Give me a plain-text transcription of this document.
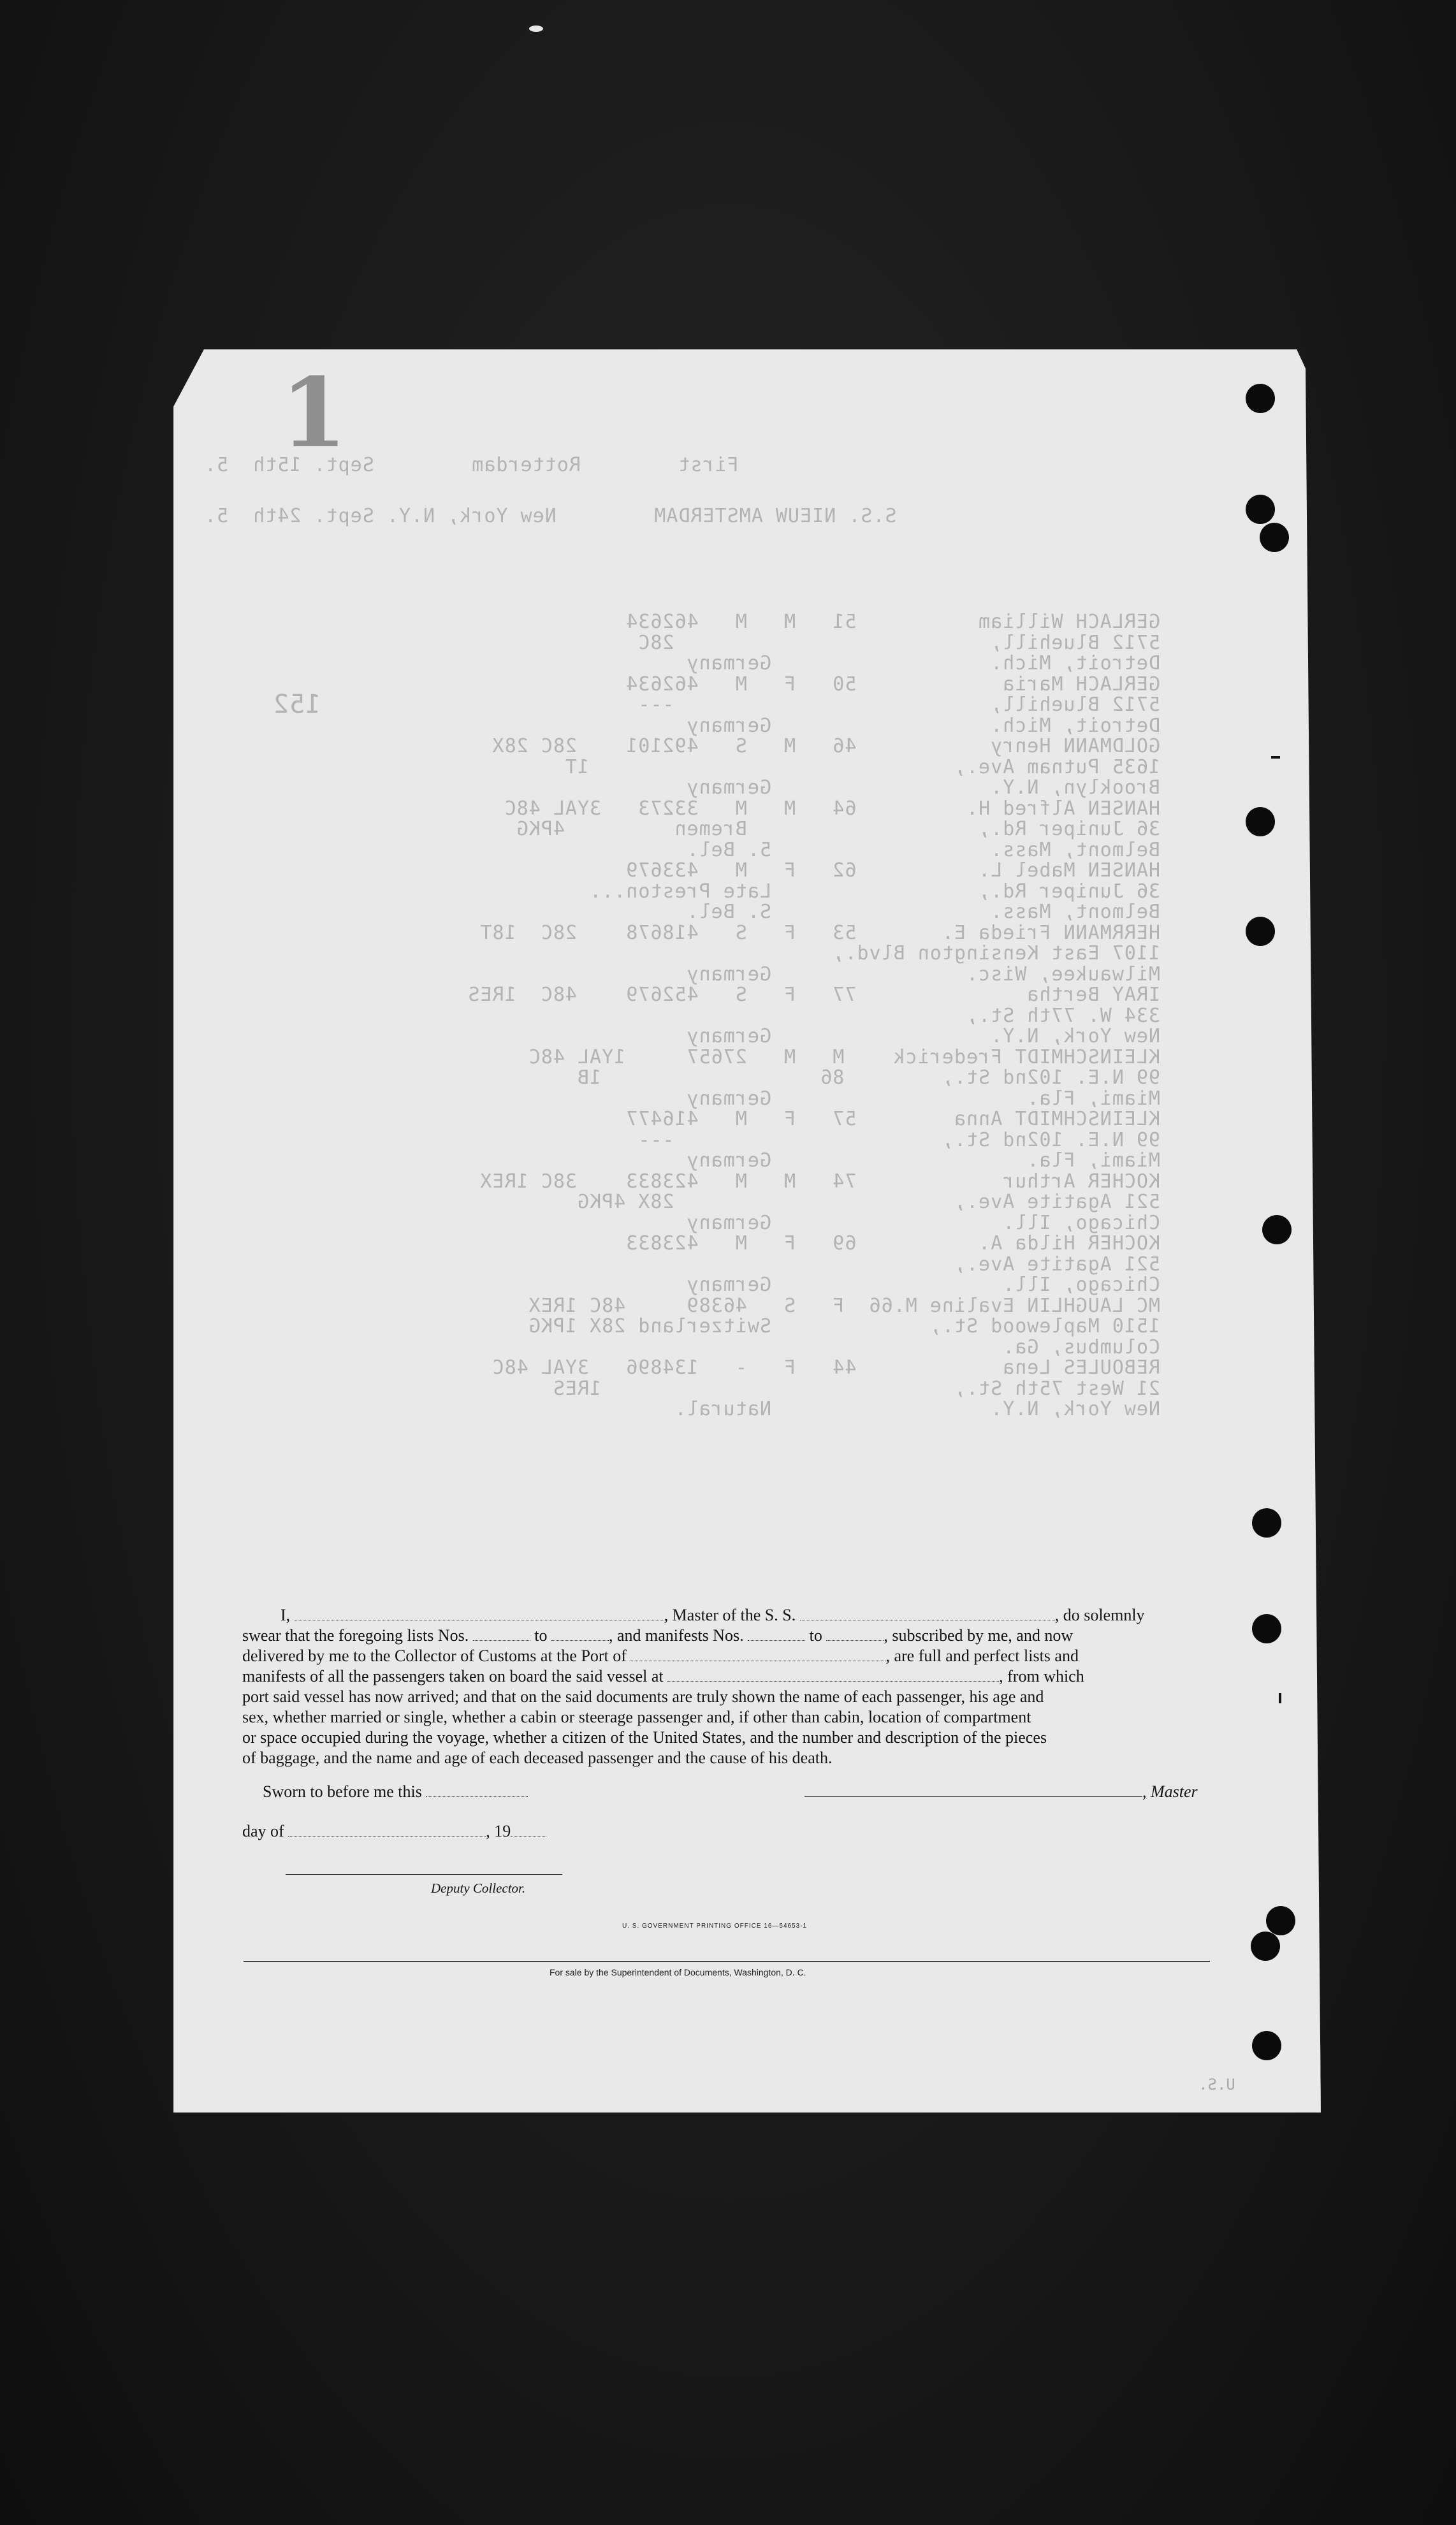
1
First        Rotterdam        Sept. 15th  5.
S.S. NIEUW AMSTERDAM        New York, N.Y. Sept. 24th  5.
152
GERLACH William          51   M   M   462634
5712 Bluehill,                          28C
Detroit, Mich.                  Germany
GERLACH Maria            50   F   M   462634
5712 Bluehill,                          ---
Detroit, Mich.                  Germany
GOLDMANN Henry           46   M   S   492101    28C 28X
1635 Putnam Ave.,                              1T
Brooklyn, N.Y.                  Germany
HANSEN Alfred H.         64   M   M   33273   3YAL 48C
36 Juniper Rd.,                   Bremen         4PKG
Belmont, Mass.                  5. Bel.
HANSEN Mabel L.          62   F   M   433679
36 Juniper Rd.,                 Late Preston...
Belmont, Mass.                  S. Bel.
HERRMANN Frieda E.       53   F   S   418678    28C  18T
1107 East Kensington Blvd.,
Milwaukee, Wisc.                Germany
IRAY Bertha              77   F   S   452679    48C  1RES
334 W. 77th St.,
New York, N.Y.                  Germany
KLEINSCHMIDT Frederick    M   M   27657     1YAL 48C
99 N.E. 102nd St.,        86                  1B
Miami, Fla.                     Germany
KLEINSCHMIDT Anna        57   F   M   416477
99 N.E. 102nd St.,                      ---
Miami, Fla.                     Germany
KOCHER Arthur            74   M   M   423833    38C 1REX
521 Agatite Ave.,                       28X 4PKG
Chicago, Ill.                   Germany
KOCHER Hilda A.          69   F   M   423833
521 Agatite Ave.,
Chicago, Ill.                   Germany
MC LAUGHLIN Evaline M.66  F   S   46389     48C 1REX
1510 Maplewood St.,             Switzerland 28X 1PKG
Columbus, Ga.
REBOULES Lena            44   F   -   134896   3YAL 48C
21 West 75th St.,                             1RES
New York, N.Y.                  Natural.

I,	, Master of the S. S.	, do solemnly

swear that the foregoing lists Nos.	to	, and manifests Nos.	to	, subscribed by me, and now

delivered by me to the Collector of Customs at the Port of	, are full and perfect lists and

manifests of all the passengers taken on board the said vessel at	, from which

port said vessel has now arrived; and that on the said documents are truly shown the name of each passenger, his age and

sex, whether married or single, whether a cabin or steerage passenger and, if other than cabin, location of compartment

or space occupied during the voyage, whether a citizen of the United States, and the number and description of the pieces

of baggage, and the name and age of each deceased passenger and the cause of his death.

Sworn to before me this	, Master
day of	, 19
Deputy Collector.
U. S. GOVERNMENT PRINTING OFFICE 16—54653-1
For sale by the Superintendent of Documents, Washington, D. C.
U.S.
